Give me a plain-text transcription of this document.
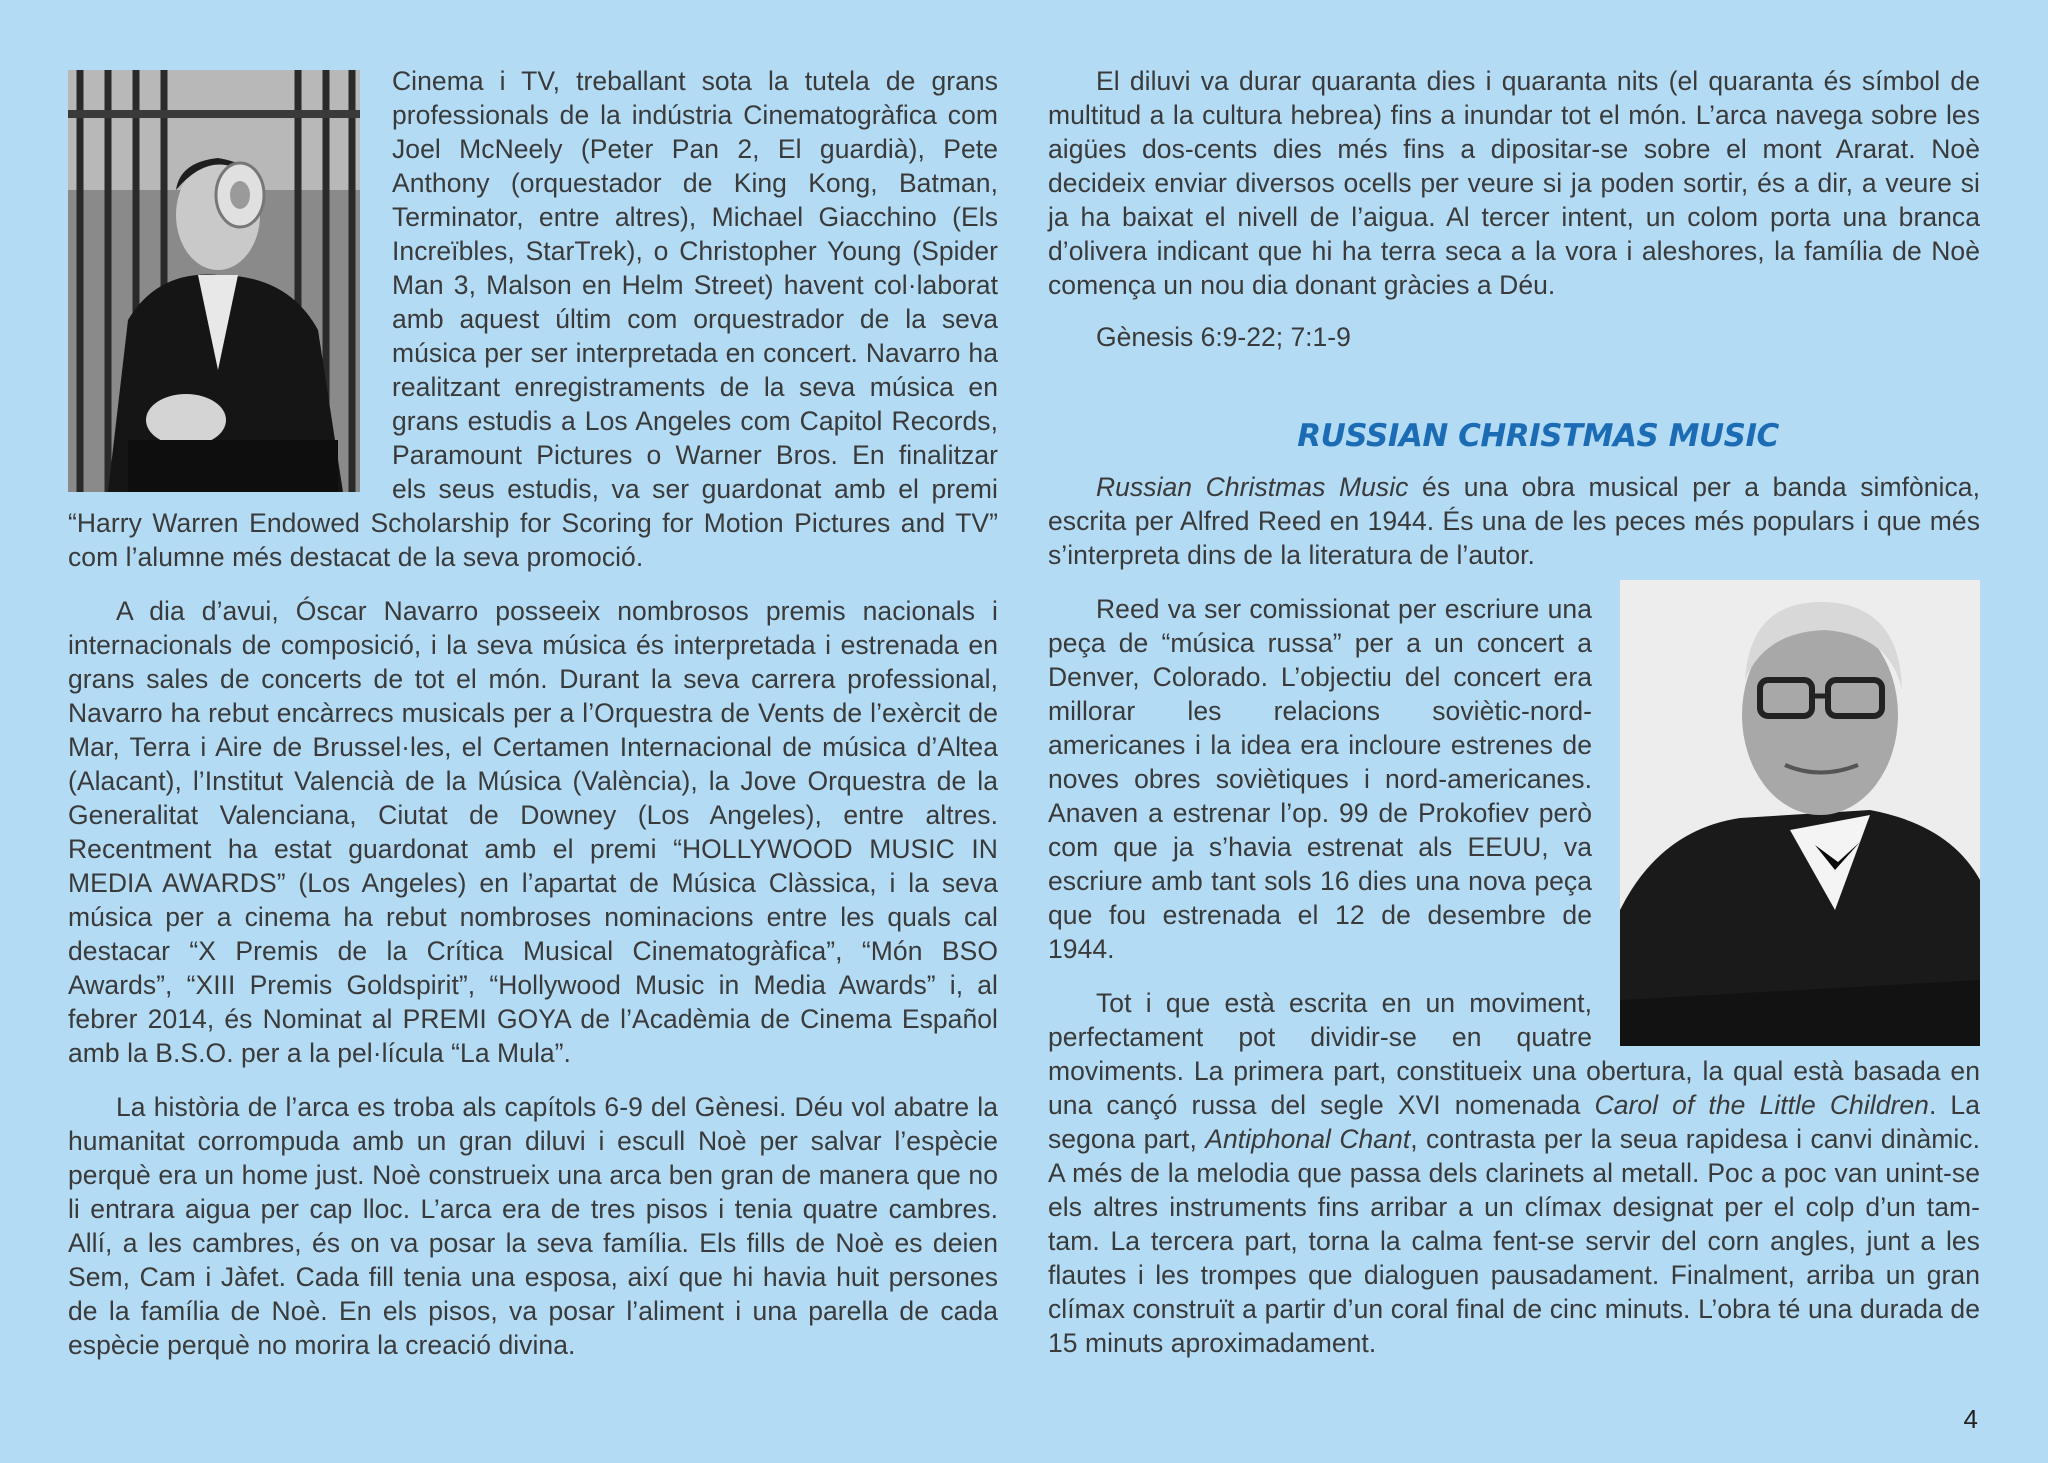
Cinema i TV, treballant sota la tutela de grans professionals de la indústria Cinematogràfica com Joel McNeely (Peter Pan 2, El guardià), Pete Anthony (orquestador de King Kong, Batman, Terminator, entre altres), Michael Giacchino (Els Increïbles, StarTrek), o Christopher Young (Spider Man 3, Malson en Helm Street) havent col·laborat amb aquest últim com orquestrador de la seva música per ser interpretada en concert. Navarro ha realitzant enregistraments de la seva música en grans estudis a Los Angeles com Capitol Records, Paramount Pictures o Warner Bros. En finalitzar els seus estudis, va ser guardonat amb el premi “Harry Warren Endowed Scholarship for Scoring for Motion Pictures and TV” com l’alumne més destacat de la seva promoció.

A dia d’avui, Óscar Navarro posseeix nombrosos premis nacionals i internacionals de composició, i la seva música és interpretada i estrenada en grans sales de concerts de tot el món. Durant la seva carrera professional, Navarro ha rebut encàrrecs musicals per a l’Orquestra de Vents de l’exèrcit de Mar, Terra i Aire de Brussel·les, el Certamen Internacional de música d’Altea (Alacant), l’Institut Valencià de la Música (València), la Jove Orquestra de la Generalitat Valenciana, Ciutat de Downey (Los Angeles), entre altres. Recentment ha estat guardonat amb el premi “HOLLYWOOD MUSIC IN MEDIA AWARDS” (Los Angeles) en l’apartat de Música Clàssica, i la seva música per a cinema ha rebut nombroses nominacions entre les quals cal destacar “X Premis de la Crítica Musical Cinematogràfica”, “Món BSO Awards”, “XIII Premis Goldspirit”, “Hollywood Music in Media Awards” i, al febrer 2014, és Nominat al PREMI GOYA de l’Acadèmia de Cinema Español amb la B.S.O. per a la pel·lícula “La Mula”.

La història de l’arca es troba als capítols 6-9 del Gènesi. Déu vol abatre la humanitat corrompuda amb un gran diluvi i escull Noè per salvar l’espècie perquè era un home just. Noè construeix una arca ben gran de manera que no li entrara aigua per cap lloc. L’arca era de tres pisos i tenia quatre cambres. Allí, a les cambres, és on va posar la seva família. Els fills de Noè es deien Sem, Cam i Jàfet. Cada fill tenia una esposa, així que hi havia huit persones de la família de Noè. En els pisos, va posar l’aliment i una parella de cada espècie perquè no morira la creació divina.

El diluvi va durar quaranta dies i quaranta nits (el quaranta és símbol de multitud a la cultura hebrea) fins a inundar tot el món. L’arca navega sobre les aigües dos-cents dies més fins a dipositar-se sobre el mont Ararat. Noè decideix enviar diversos ocells per veure si ja poden sortir, és a dir, a veure si ja ha baixat el nivell de l’aigua. Al tercer intent, un colom porta una branca d’olivera indicant que hi ha terra seca a la vora i aleshores, la família de Noè comença un nou dia donant gràcies a Déu.

Gènesis 6:9-22; 7:1-9
RUSSIAN CHRISTMAS MUSIC

Russian Christmas Music és una obra musical per a banda simfònica, escrita per Alfred Reed en 1944. És una de les peces més populars i que més s’interpreta dins de la literatura de l’autor.

Reed va ser comissionat per escriure una peça de “música russa” per a un concert a Denver, Colorado. L’objectiu del concert era millorar les relacions soviètic-nord-americanes i la idea era incloure estrenes de noves obres soviètiques i nord-americanes. Anaven a estrenar l’op. 99 de Prokofiev però com que ja s’havia estrenat als EEUU, va escriure amb tant sols 16 dies una nova peça que fou estrenada el 12 de desembre de 1944.

Tot i que està escrita en un moviment, perfectament pot dividir-se en quatre moviments. La primera part, constitueix una obertura, la qual està basada en una cançó russa del segle XVI nomenada Carol of the Little Children. La segona part, Antiphonal Chant, contrasta per la seua rapidesa i canvi dinàmic. A més de la melodia que passa dels clarinets al metall. Poc a poc van unint-se els altres instruments fins arribar a un clímax designat per el colp d’un tam-tam. La tercera part, torna la calma fent-se servir del corn angles, junt a les flautes i les trompes que dialoguen pausadament. Finalment, arriba un gran clímax construït a partir d’un coral final de cinc minuts. L’obra té una durada de 15 minuts aproximadament.

4
